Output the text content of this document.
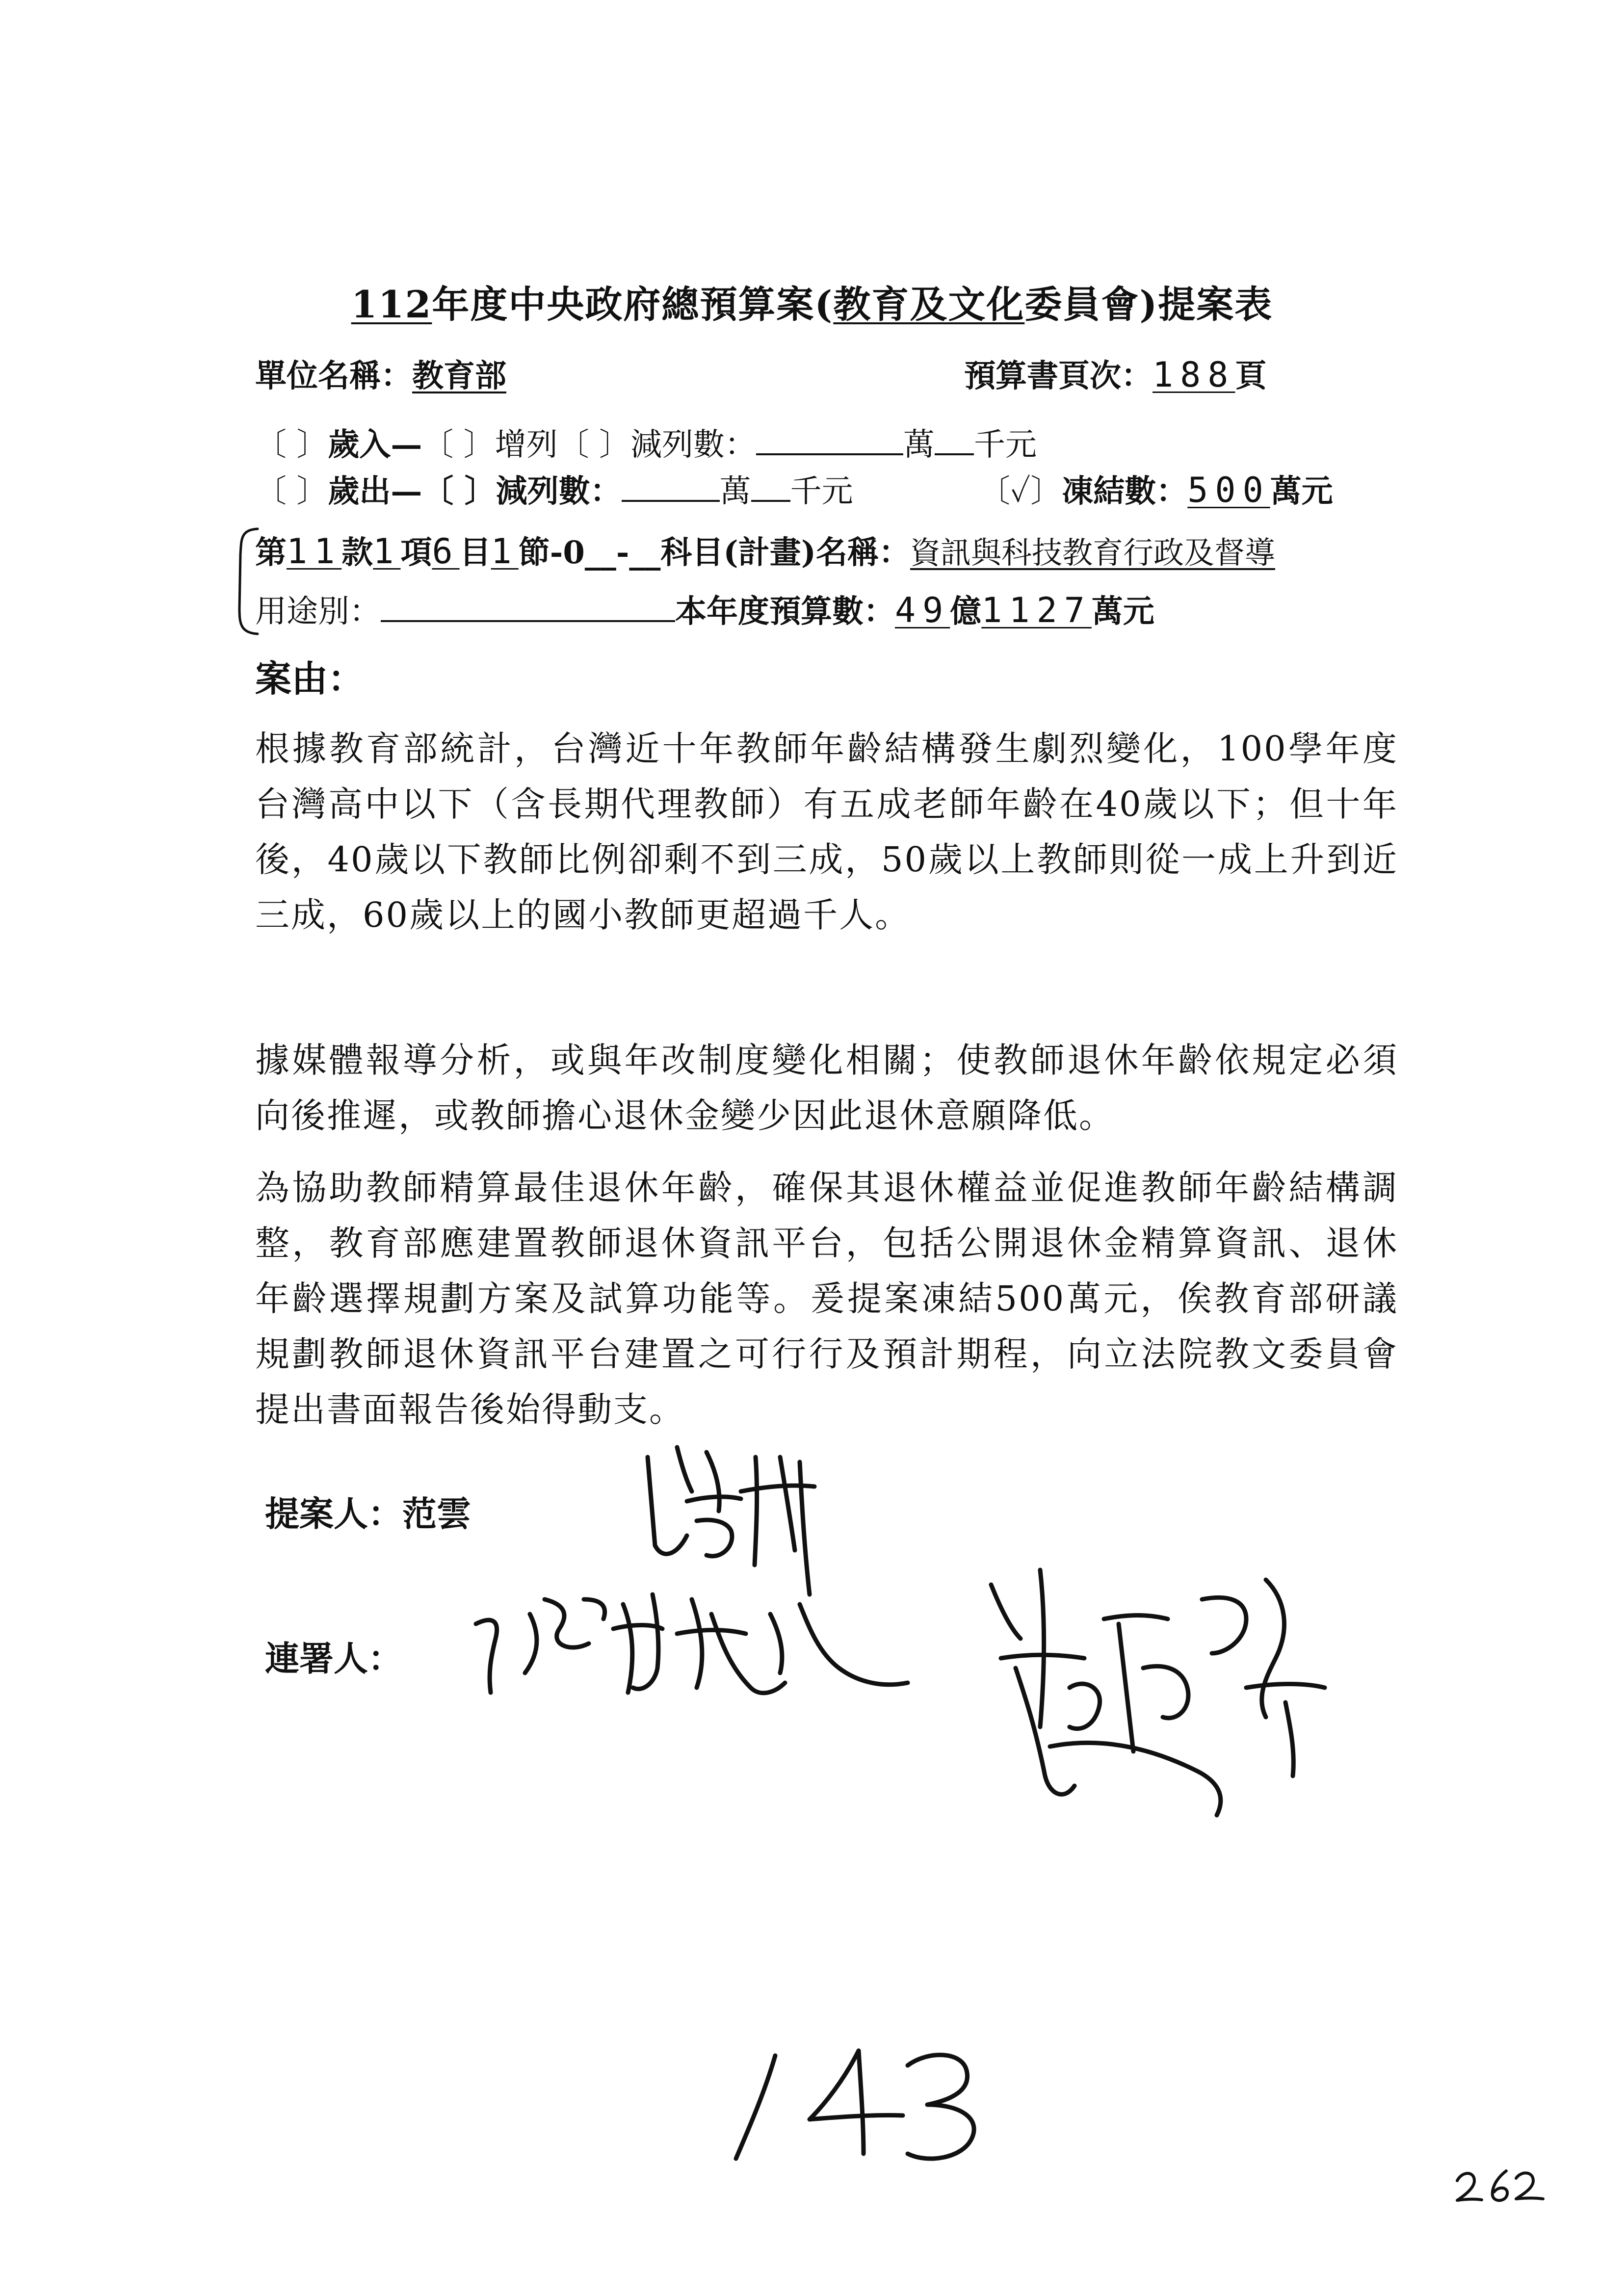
112年度中央政府總預算案(教育及文化委員會)提案表
單位名稱：教育部	預算書頁次：188頁
〔 〕歲入—〔 〕增列〔 〕減列數：	萬 千元
〔 〕歲出—〔 〕減列數：	萬 千元	〔✓〕凍結數：500萬元
第11款1項6目1節-0__-__科目(計畫)名稱：資訊與科技教育行政及督導
用途別：	本年度預算數：49億1127萬元
案由：
根據教育部統計，台灣近十年教師年齡結構發生劇烈變化，100學年度台灣高中以下（含長期代理教師）有五成老師年齡在40歲以下；但十年後，40歲以下教師比例卻剩不到三成，50歲以上教師則從一成上升到近三成，60歲以上的國小教師更超過千人。
據媒體報導分析，或與年改制度變化相關；使教師退休年齡依規定必須向後推遲，或教師擔心退休金變少因此退休意願降低。
為協助教師精算最佳退休年齡，確保其退休權益並促進教師年齡結構調整，教育部應建置教師退休資訊平台，包括公開退休金精算資訊、退休年齡選擇規劃方案及試算功能等。爰提案凍結500萬元，俟教育部研議規劃教師退休資訊平台建置之可行行及預計期程，向立法院教文委員會提出書面報告後始得動支。
提案人：范雲
連署人：
